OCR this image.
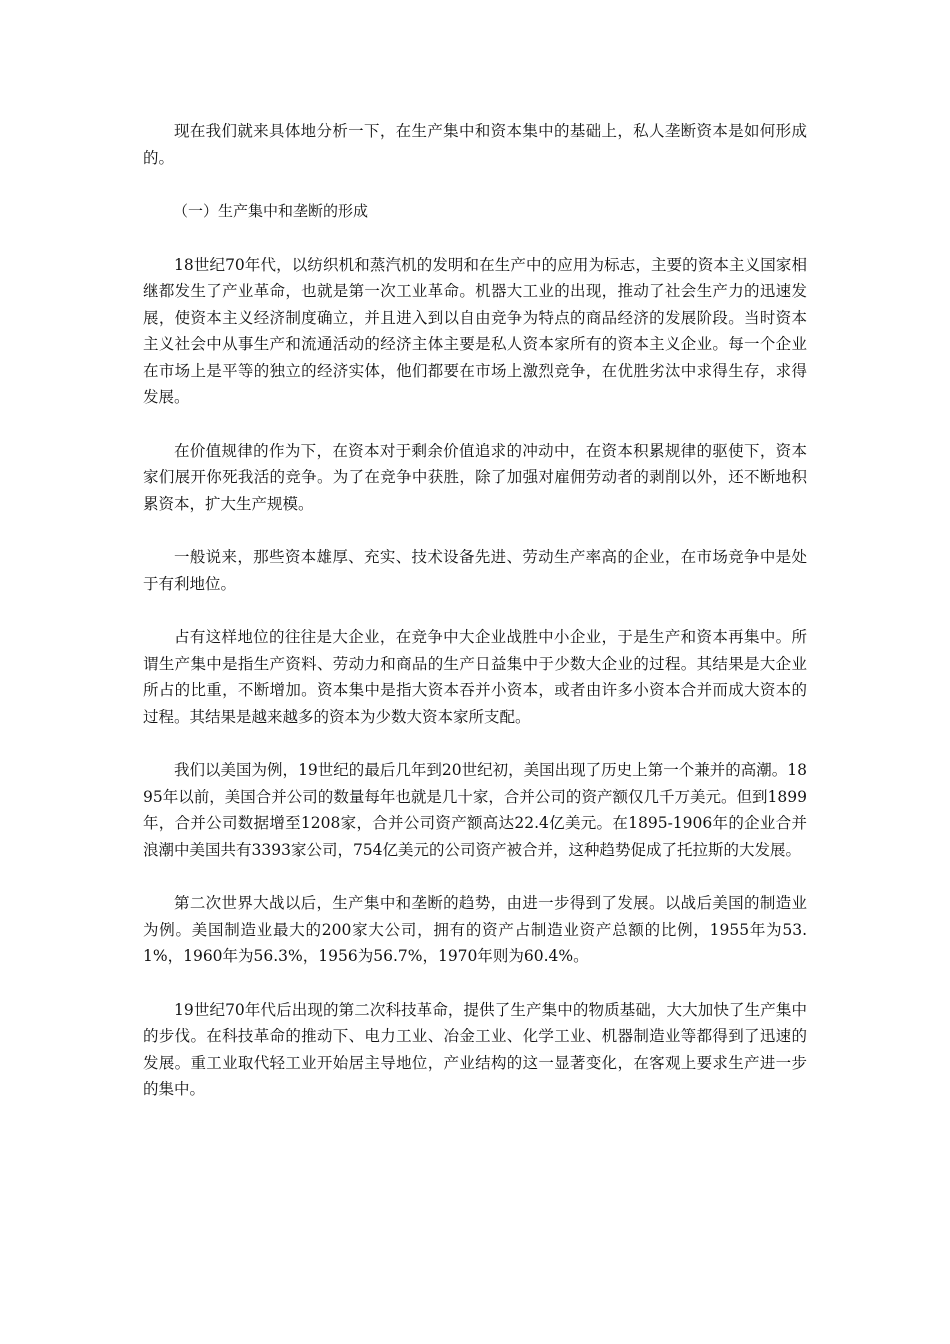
现在我们就来具体地分析一下，在生产集中和资本集中的基础上，私人垄断资本是如何形成的。

（一）生产集中和垄断的形成

18世纪70年代，以纺织机和蒸汽机的发明和在生产中的应用为标志，主要的资本主义国家相继都发生了产业革命，也就是第一次工业革命。机器大工业的出现，推动了社会生产力的迅速发展，使资本主义经济制度确立，并且进入到以自由竞争为特点的商品经济的发展阶段。当时资本主义社会中从事生产和流通活动的经济主体主要是私人资本家所有的资本主义企业。每一个企业在市场上是平等的独立的经济实体，他们都要在市场上激烈竞争，在优胜劣汰中求得生存，求得发展。

在价值规律的作为下，在资本对于剩余价值追求的冲动中，在资本积累规律的驱使下，资本家们展开你死我活的竞争。为了在竞争中获胜，除了加强对雇佣劳动者的剥削以外，还不断地积累资本，扩大生产规模。

一般说来，那些资本雄厚、充实、技术设备先进、劳动生产率高的企业，在市场竞争中是处于有利地位。

占有这样地位的往往是大企业，在竞争中大企业战胜中小企业，于是生产和资本再集中。所谓生产集中是指生产资料、劳动力和商品的生产日益集中于少数大企业的过程。其结果是大企业所占的比重，不断增加。资本集中是指大资本吞并小资本，或者由许多小资本合并而成大资本的过程。其结果是越来越多的资本为少数大资本家所支配。

我们以美国为例，19世纪的最后几年到20世纪初，美国出现了历史上第一个兼并的高潮。1895年以前，美国合并公司的数量每年也就是几十家，合并公司的资产额仅几千万美元。但到1899年，合并公司数据增至1208家，合并公司资产额高达22.4亿美元。在1895-1906年的企业合并浪潮中美国共有3393家公司，754亿美元的公司资产被合并，这种趋势促成了托拉斯的大发展。

第二次世界大战以后，生产集中和垄断的趋势，由进一步得到了发展。以战后美国的制造业为例。美国制造业最大的200家大公司，拥有的资产占制造业资产总额的比例，1955年为53.1%，1960年为56.3%，1956为56.7%，1970年则为60.4%。

19世纪70年代后出现的第二次科技革命，提供了生产集中的物质基础，大大加快了生产集中的步伐。在科技革命的推动下、电力工业、冶金工业、化学工业、机器制造业等都得到了迅速的发展。重工业取代轻工业开始居主导地位，产业结构的这一显著变化，在客观上要求生产进一步的集中。
